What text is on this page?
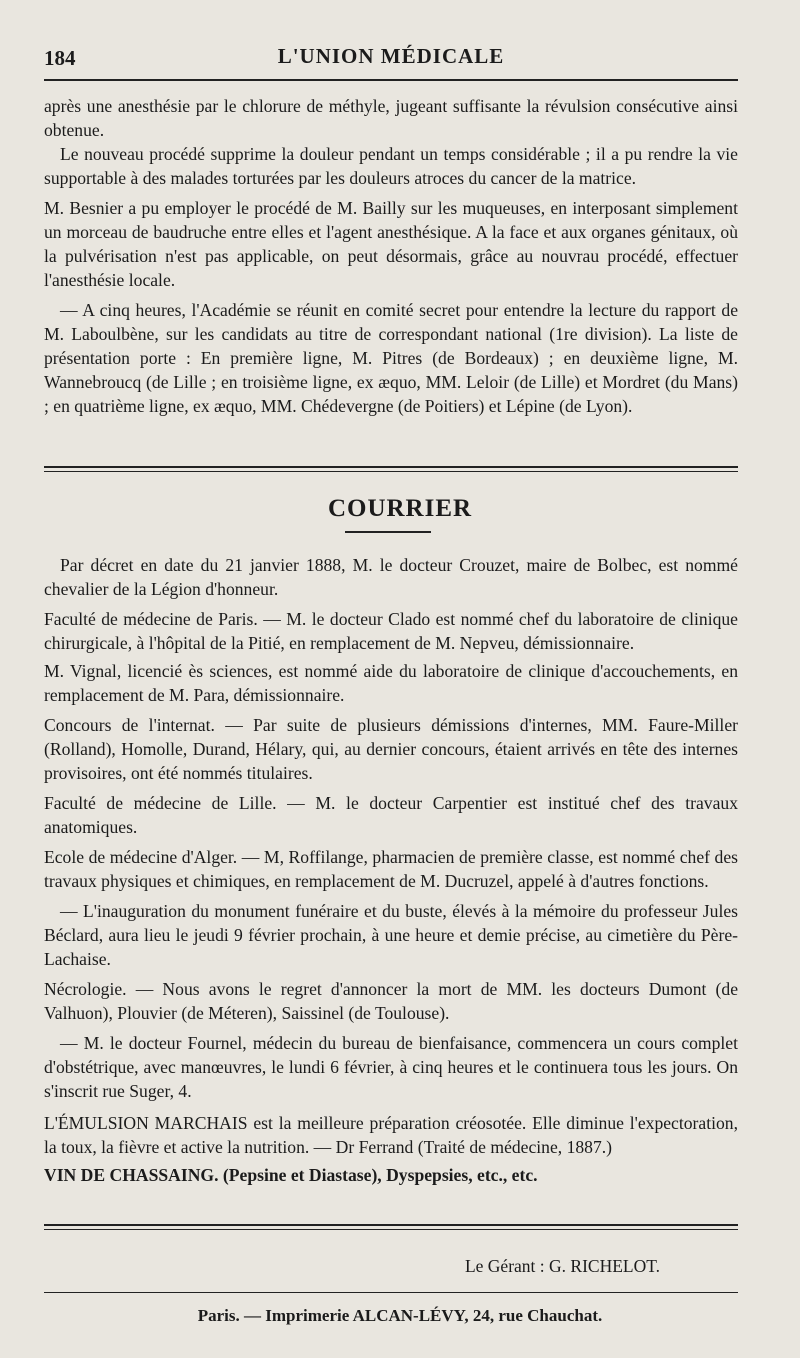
184	L'UNION MÉDICALE

après une anesthésie par le chlorure de méthyle, jugeant suffisante la révulsion consécutive ainsi obtenue.

Le nouveau procédé supprime la douleur pendant un temps considérable ; il a pu rendre la vie supportable à des malades torturées par les douleurs atroces du cancer de la matrice.

M. Besnier a pu employer le procédé de M. Bailly sur les muqueuses, en interposant simplement un morceau de baudruche entre elles et l'agent anesthésique. A la face et aux organes génitaux, où la pulvérisation n'est pas applicable, on peut désormais, grâce au nouvrau procédé, effectuer l'anesthésie locale.

— A cinq heures, l'Académie se réunit en comité secret pour entendre la lecture du rapport de M. Laboulbène, sur les candidats au titre de correspondant national (1re division). La liste de présentation porte : En première ligne, M. Pitres (de Bordeaux) ; en deuxième ligne, M. Wannebroucq (de Lille ; en troisième ligne, ex æquo, MM. Leloir (de Lille) et Mordret (du Mans) ; en quatrième ligne, ex æquo, MM. Chédevergne (de Poitiers) et Lépine (de Lyon).

COURRIER

Par décret en date du 21 janvier 1888, M. le docteur Crouzet, maire de Bolbec, est nommé chevalier de la Légion d'honneur.

Faculté de médecine de Paris. — M. le docteur Clado est nommé chef du laboratoire de clinique chirurgicale, à l'hôpital de la Pitié, en remplacement de M. Nepveu, démissionnaire.

M. Vignal, licencié ès sciences, est nommé aide du laboratoire de clinique d'accouchements, en remplacement de M. Para, démissionnaire.

Concours de l'internat. — Par suite de plusieurs démissions d'internes, MM. Faure-Miller (Rolland), Homolle, Durand, Hélary, qui, au dernier concours, étaient arrivés en tête des internes provisoires, ont été nommés titulaires.

Faculté de médecine de Lille. — M. le docteur Carpentier est institué chef des travaux anatomiques.

Ecole de médecine d'Alger. — M, Roffilange, pharmacien de première classe, est nommé chef des travaux physiques et chimiques, en remplacement de M. Ducruzel, appelé à d'autres fonctions.

— L'inauguration du monument funéraire et du buste, élevés à la mémoire du professeur Jules Béclard, aura lieu le jeudi 9 février prochain, à une heure et demie précise, au cimetière du Père-Lachaise.

Nécrologie. — Nous avons le regret d'annoncer la mort de MM. les docteurs Dumont (de Valhuon), Plouvier (de Méteren), Saissinel (de Toulouse).

— M. le docteur Fournel, médecin du bureau de bienfaisance, commencera un cours complet d'obstétrique, avec manœuvres, le lundi 6 février, à cinq heures et le continuera tous les jours. On s'inscrit rue Suger, 4.

L'ÉMULSION MARCHAIS est la meilleure préparation créosotée. Elle diminue l'expectoration, la toux, la fièvre et active la nutrition. — Dr Ferrand (Traité de médecine, 1887.)

VIN DE CHASSAING. (Pepsine et Diastase), Dyspepsies, etc., etc.

Le Gérant : G. RICHELOT.
Paris. — Imprimerie ALCAN-LÉVY, 24, rue Chauchat.
